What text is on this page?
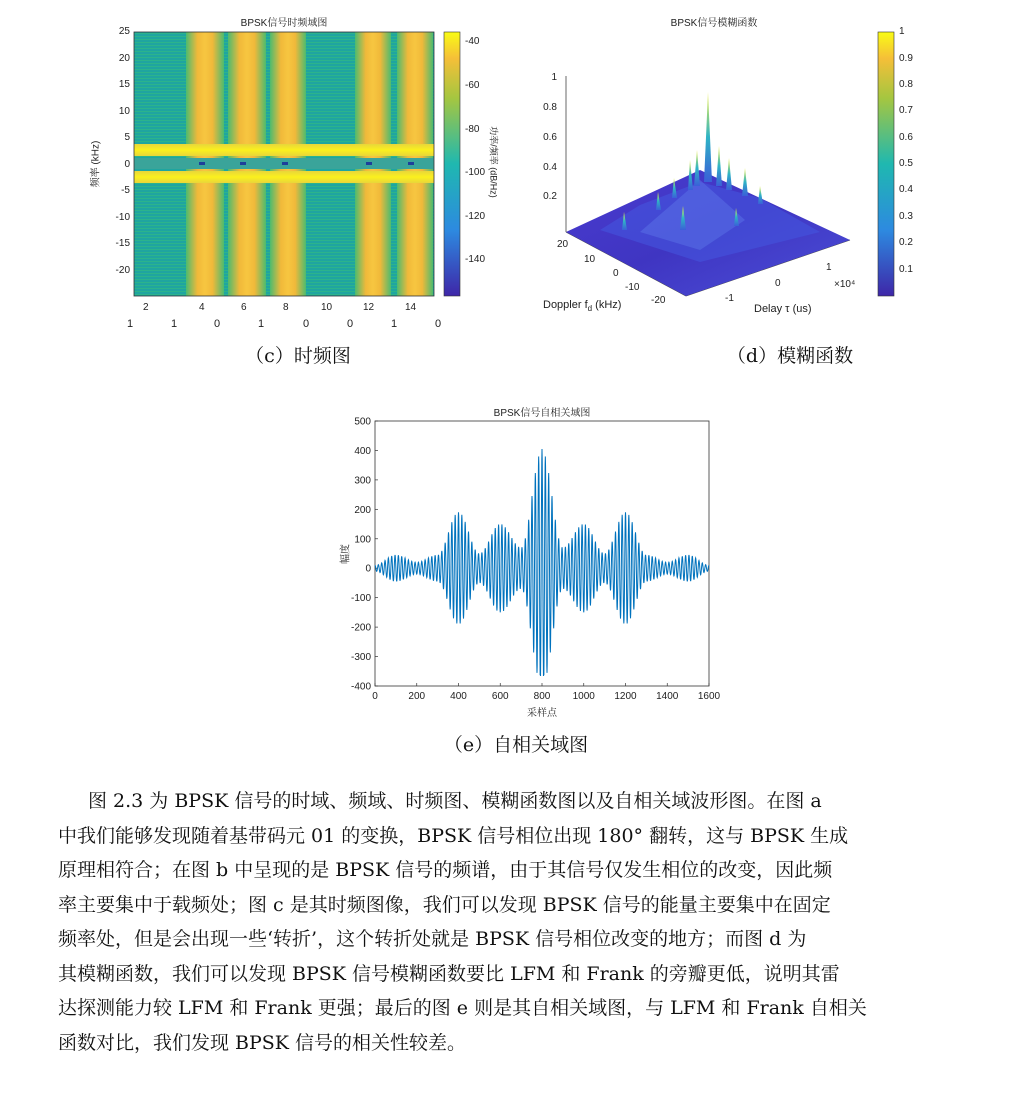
BPSK信号时频域图
25
20
15
10
5
0
-5
-10
-15
-20
频率 (kHz)
2	4	6	8	10	12	14
1	1	0	1	0	0	1	0
-40
-60
-80
-100
-120
-140
功率/频率 (dB/Hz)
（c）时频图
BPSK信号模糊函数
1
0.8
0.6
0.4
0.2
20
10
0
-10
-20
Doppler $f_d$ (kHz)
1
0
-1
×10⁴
Delay τ (us)
1
0.9
0.8
0.7
0.6
0.5
0.4
0.3
0.2
0.1
（d）模糊函数
BPSK信号自相关域图
0	200	400	600	800 1000 1200 1400 1600
500
400
300
200
100
0
-100
-200
-300
-400
采样点
幅度
（e）自相关域图
图 2.3 为 BPSK 信号的时域、频域、时频图、模糊函数图以及自相关域波形图。在图 a
中我们能够发现随着基带码元 01 的变换，BPSK 信号相位出现 180° 翻转，这与 BPSK 生成
原理相符合；在图 b 中呈现的是 BPSK 信号的频谱，由于其信号仅发生相位的改变，因此频
率主要集中于载频处；图 c 是其时频图像，我们可以发现 BPSK 信号的能量主要集中在固定
频率处，但是会出现一些‘转折’，这个转折处就是 BPSK 信号相位改变的地方；而图 d 为
其模糊函数，我们可以发现 BPSK 信号模糊函数要比 LFM 和 Frank 的旁瓣更低，说明其雷
达探测能力较 LFM 和 Frank 更强；最后的图 e 则是其自相关域图，与 LFM 和 Frank 自相关
函数对比，我们发现 BPSK 信号的相关性较差。
